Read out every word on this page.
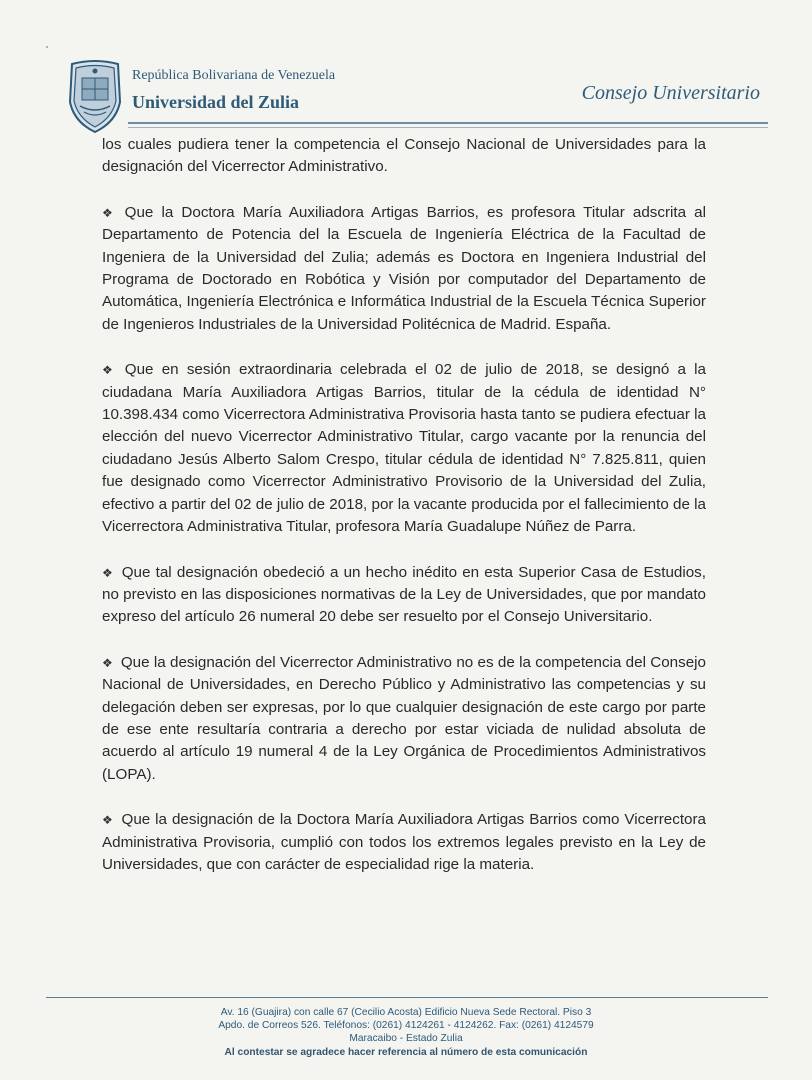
República Bolivariana de Venezuela
Universidad del Zulia	Consejo Universitario

los cuales pudiera tener la competencia el Consejo Nacional de Universidades para la designación del Vicerrector Administrativo.

❖ Que la Doctora María Auxiliadora Artigas Barrios, es profesora Titular adscrita al Departamento de Potencia del la Escuela de Ingeniería Eléctrica de la Facultad de Ingeniera de la Universidad del Zulia; además es Doctora en Ingeniera Industrial del Programa de Doctorado en Robótica y Visión por computador del Departamento de Automática, Ingeniería Electrónica e Informática Industrial de la Escuela Técnica Superior de Ingenieros Industriales de la Universidad Politécnica de Madrid. España.

❖ Que en sesión extraordinaria celebrada el 02 de julio de 2018, se designó a la ciudadana María Auxiliadora Artigas Barrios, titular de la cédula de identidad N° 10.398.434 como Vicerrectora Administrativa Provisoria hasta tanto se pudiera efectuar la elección del nuevo Vicerrector Administrativo Titular, cargo vacante por la renuncia del ciudadano Jesús Alberto Salom Crespo, titular cédula de identidad N° 7.825.811, quien fue designado como Vicerrector Administrativo Provisorio de la Universidad del Zulia, efectivo a partir del 02 de julio de 2018, por la vacante producida por el fallecimiento de la Vicerrectora Administrativa Titular, profesora María Guadalupe Núñez de Parra.

❖ Que tal designación obedeció a un hecho inédito en esta Superior Casa de Estudios, no previsto en las disposiciones normativas de la Ley de Universidades, que por mandato expreso del artículo 26 numeral 20 debe ser resuelto por el Consejo Universitario.

❖ Que la designación del Vicerrector Administrativo no es de la competencia del Consejo Nacional de Universidades, en Derecho Público y Administrativo las competencias y su delegación deben ser expresas, por lo que cualquier designación de este cargo por parte de ese ente resultaría contraria a derecho por estar viciada de nulidad absoluta de acuerdo al artículo 19 numeral 4 de la Ley Orgánica de Procedimientos Administrativos (LOPA).

❖ Que la designación de la Doctora María Auxiliadora Artigas Barrios como Vicerrectora Administrativa Provisoria, cumplió con todos los extremos legales previsto en la Ley de Universidades, que con carácter de especialidad rige la materia.

Av. 16 (Guajira) con calle 67 (Cecilio Acosta) Edificio Nueva Sede Rectoral. Piso 3
Apdo. de Correos 526. Teléfonos: (0261) 4124261 - 4124262. Fax: (0261) 4124579
Maracaibo - Estado Zulia
Al contestar se agradece hacer referencia al número de esta comunicación
